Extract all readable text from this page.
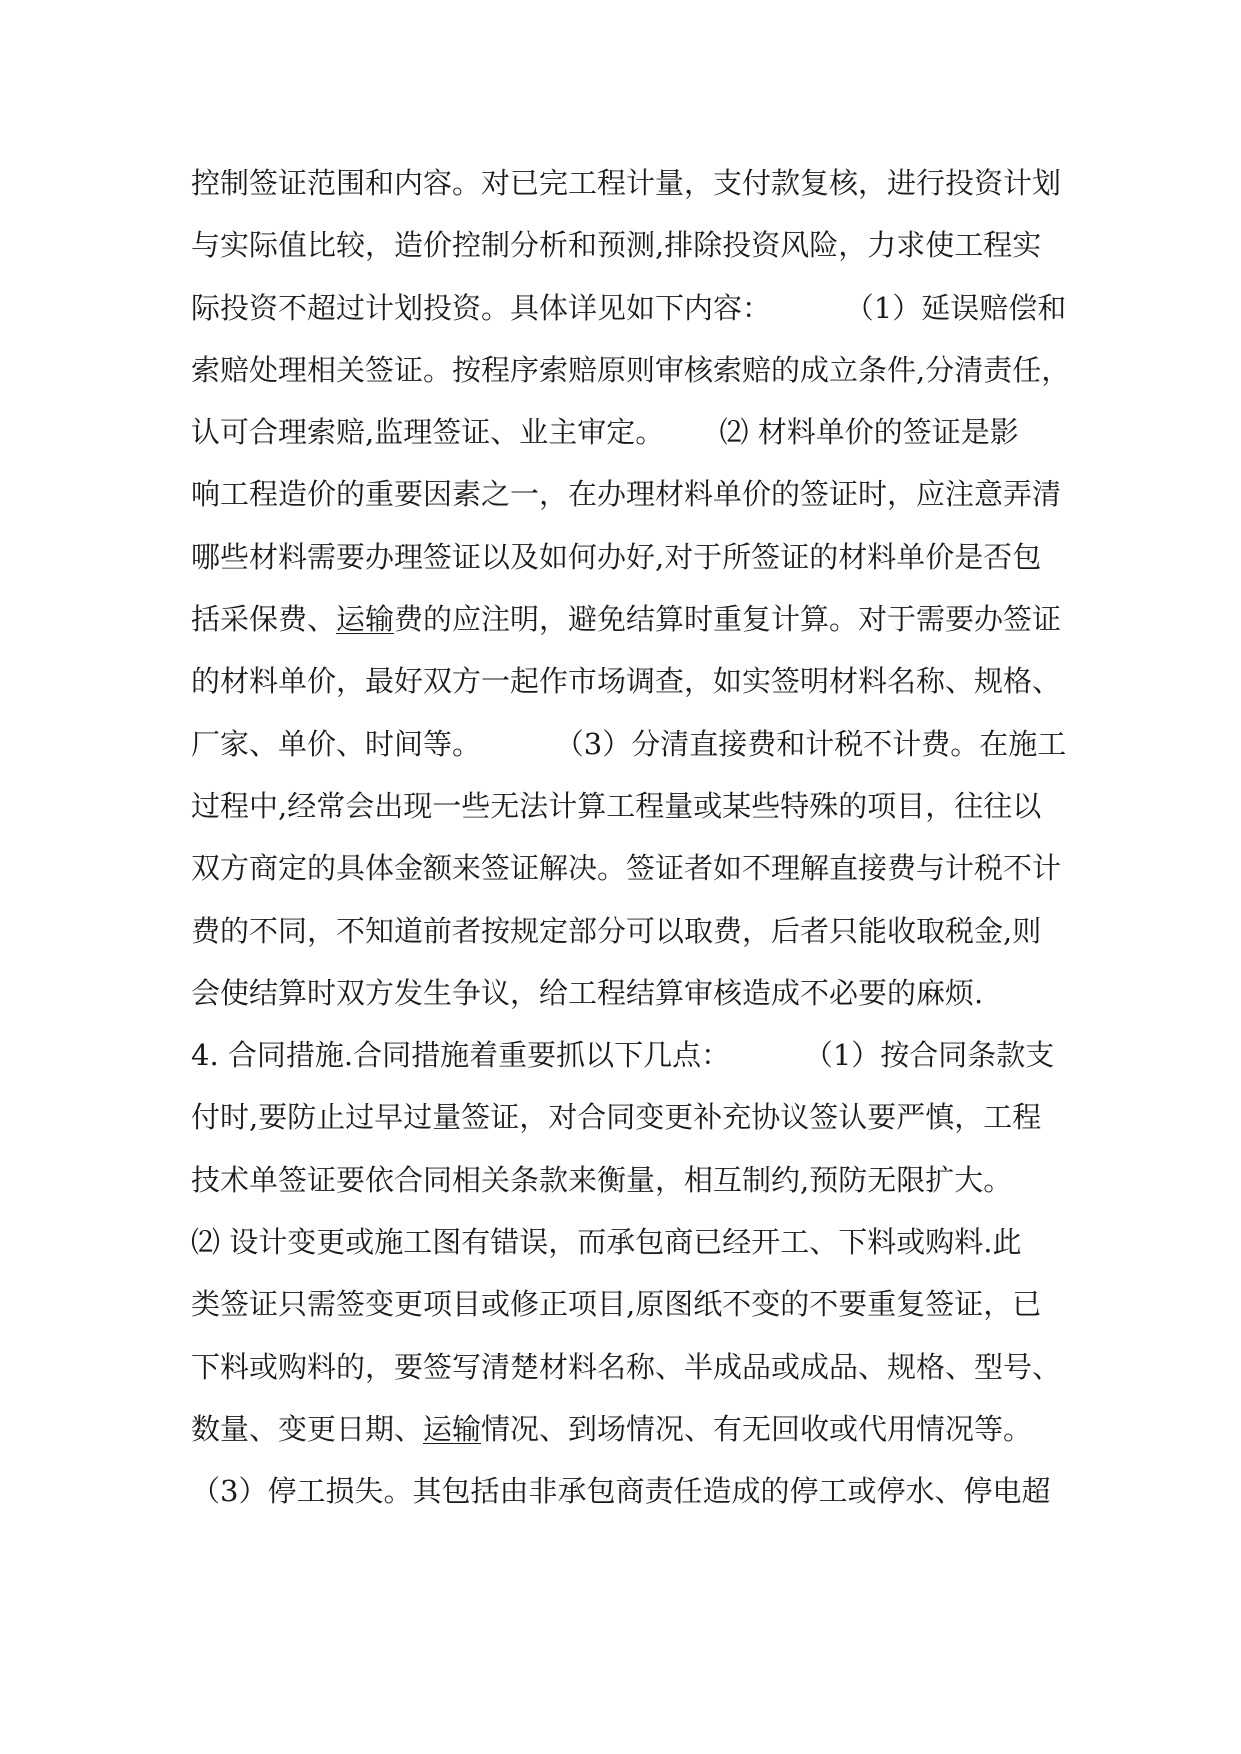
控制签证范围和内容。对已完工程计量，支付款复核，进行投资计划
与实际值比较，造价控制分析和预测,排除投资风险，力求使工程实
际投资不超过计划投资。具体详见如下内容：        （1）延误赔偿和
索赔处理相关签证。按程序索赔原则审核索赔的成立条件,分清责任，
认可合理索赔,监理签证、业主审定。      ⑵ 材料单价的签证是影
响工程造价的重要因素之一，在办理材料单价的签证时，应注意弄清
哪些材料需要办理签证以及如何办好,对于所签证的材料单价是否包
括采保费、运输费的应注明，避免结算时重复计算。对于需要办签证
的材料单价，最好双方一起作市场调查，如实签明材料名称、规格、
厂家、单价、时间等。        （3）分清直接费和计税不计费。在施工
过程中,经常会出现一些无法计算工程量或某些特殊的项目，往往以
双方商定的具体金额来签证解决。签证者如不理解直接费与计税不计
费的不同，不知道前者按规定部分可以取费，后者只能收取税金,则
会使结算时双方发生争议，给工程结算审核造成不必要的麻烦.
4. 合同措施.合同措施着重要抓以下几点：        （1）按合同条款支
付时,要防止过早过量签证，对合同变更补充协议签认要严慎，工程
技术单签证要依合同相关条款来衡量，相互制约,预防无限扩大。
⑵ 设计变更或施工图有错误，而承包商已经开工、下料或购料.此
类签证只需签变更项目或修正项目,原图纸不变的不要重复签证，已
下料或购料的，要签写清楚材料名称、半成品或成品、规格、型号、
数量、变更日期、运输情况、到场情况、有无回收或代用情况等。
（3）停工损失。其包括由非承包商责任造成的停工或停水、停电超
